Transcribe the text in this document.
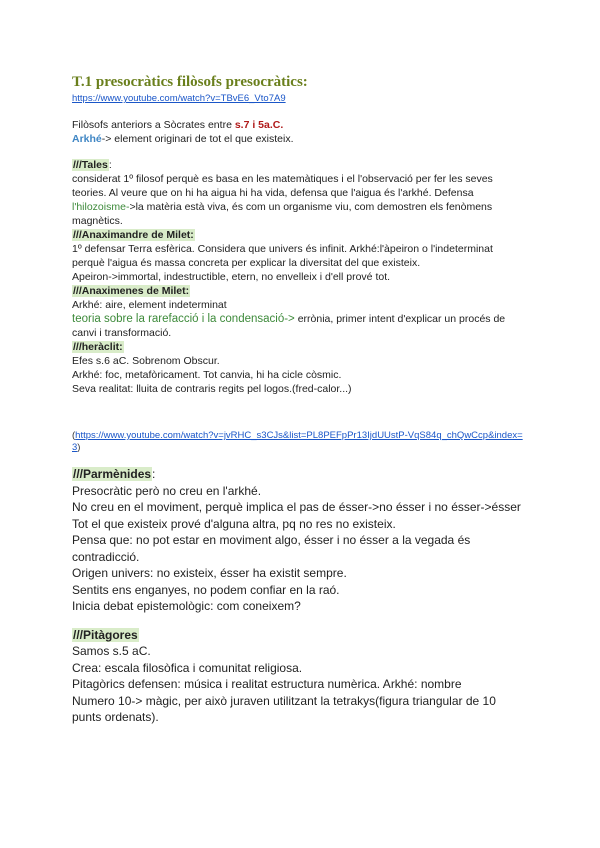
T.1 presocràtics filòsofs presocràtics:
https://www.youtube.com/watch?v=TBvE6_Vto7A9

Filòsofs anteriors a Sòcrates entre s.7 i 5a.C.

Arkhé-> element originari de tot el que existeix.

///Tales:

considerat 1º filosof perquè es basa en les matemàtiques i el l'observació per fer les seves teories. Al veure que on hi ha aigua hi ha vida, defensa que l'aigua és l'arkhé. Defensa l'hilozoisme->la matèria està viva, és com un organisme viu, com demostren els fenòmens magnètics.

///Anaximandre de Milet:

1º defensar Terra esfèrica. Considera que univers és infinit. Arkhé:l'àpeiron o l'indeterminat perquè l'aigua és massa concreta per explicar la diversitat del que existeix.

Apeiron->immortal, indestructible, etern, no envelleix i d'ell prové tot.

///Anaximenes de Milet:

Arkhé: aire, element indeterminat

teoria sobre la rarefacció i la condensació-> errònia, primer intent d'explicar un procés de canvi i transformació.

///heràclit:

Efes s.6 aC. Sobrenom Obscur.

Arkhé: foc, metafòricament. Tot canvia, hi ha cicle còsmic.

Seva realitat: lluita de contraris regits pel logos.(fred-calor...)

(https://www.youtube.com/watch?v=jvRHC_s3CJs&list=PL8PEFpPr13IjdUUstP-VqS84q_chQwCcp&index=3)

///Parmènides:

Presocràtic però no creu en l'arkhé.

No creu en el moviment, perquè implica el pas de ésser->no ésser i no ésser->ésser

Tot el que existeix prové d'alguna altra, pq no res no existeix.

Pensa que: no pot estar en moviment algo, ésser i no ésser a la vegada és contradicció.

Origen univers: no existeix, ésser ha existit sempre.

Sentits ens enganyes, no podem confiar en la raó.

Inicia debat epistemològic: com coneixem?

///Pitàgores

Samos s.5 aC.

Crea: escala filosòfica i comunitat religiosa.

Pitagòrics defensen: música i realitat estructura numèrica. Arkhé: nombre

Numero 10-> màgic, per això juraven utilitzant la tetrakys(figura triangular de 10 punts ordenats).
